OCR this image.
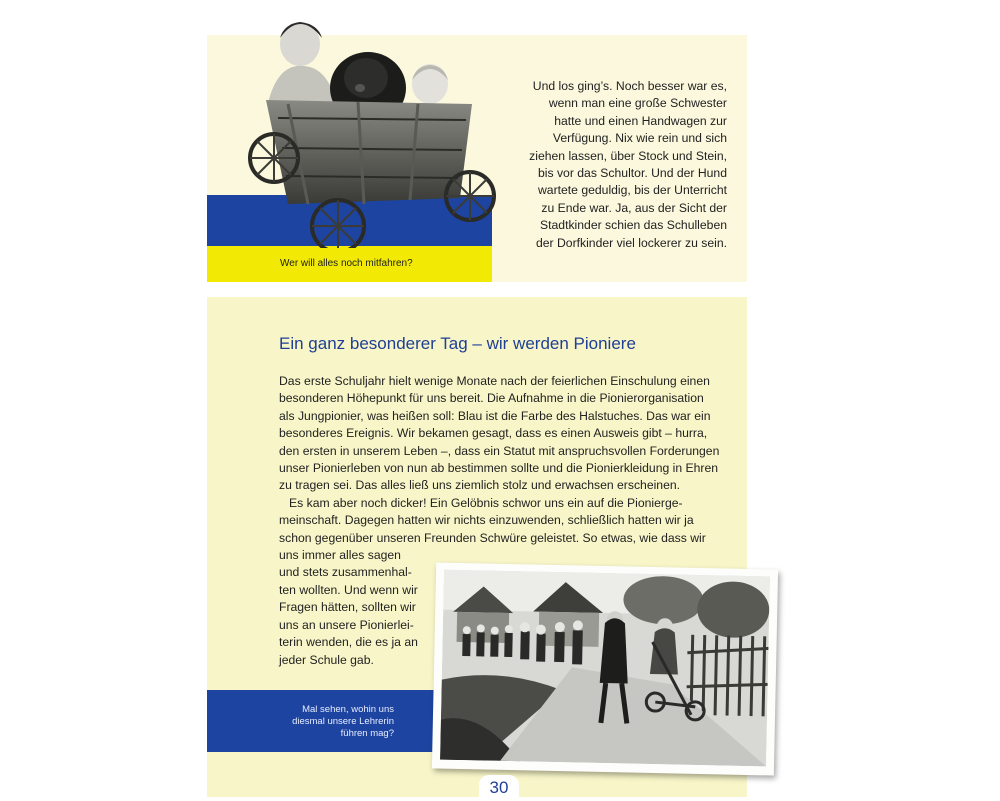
Wer will alles noch mitfahren?
Und los ging’s. Noch besser war es,
wenn man eine große Schwester
hatte und einen Handwagen zur
Verfügung. Nix wie rein und sich
ziehen lassen, über Stock und Stein,
bis vor das Schultor. Und der Hund
wartete geduldig, bis der Unterricht
zu Ende war. Ja, aus der Sicht der
Stadtkinder schien das Schulleben
der Dorfkinder viel lockerer zu sein.
Ein ganz besonderer Tag – wir werden Pioniere
Das erste Schuljahr hielt wenige Monate nach der feierlichen Einschulung einen
besonderen Höhepunkt für uns bereit. Die Aufnahme in die Pionierorganisation
als Jungpionier, was heißen soll: Blau ist die Farbe des Halstuches. Das war ein
besonderes Ereignis. Wir bekamen gesagt, dass es einen Ausweis gibt – hurra,
den ersten in unserem Leben –, dass ein Statut mit anspruchsvollen Forderungen
unser Pionierleben von nun ab bestimmen sollte und die Pionierkleidung in Ehren
zu tragen sei. Das alles ließ uns ziemlich stolz und erwachsen erscheinen.
Es kam aber noch dicker! Ein Gelöbnis schwor uns ein auf die Pionierge-
meinschaft. Dagegen hatten wir nichts einzuwenden, schließlich hatten wir ja
schon gegenüber unseren Freunden Schwüre geleistet. So etwas, wie dass wir
uns immer alles sagen
und stets zusammenhal-
ten wollten. Und wenn wir
Fragen hätten, sollten wir
uns an unsere Pionierlei-
terin wenden, die es ja an
jeder Schule gab.
Mal sehen, wohin uns
diesmal unsere Lehrerin
führen mag?
30
